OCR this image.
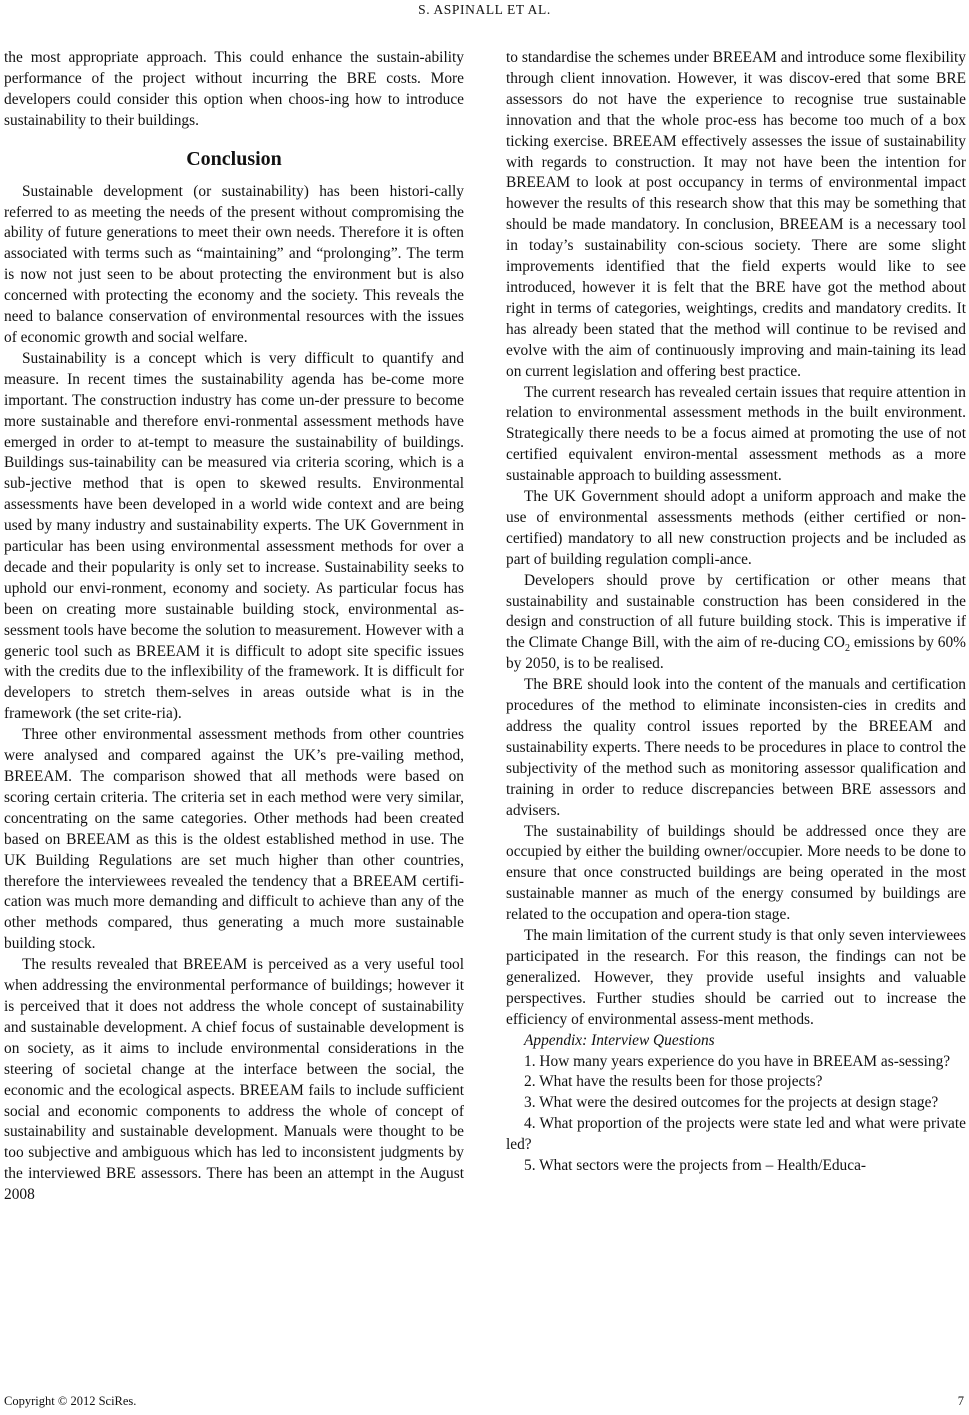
S. ASPINALL ET AL.

the most appropriate approach. This could enhance the sustain-ability performance of the project without incurring the BRE costs. More developers could consider this option when choos-ing how to introduce sustainability to their buildings.

Conclusion

Sustainable development (or sustainability) has been histori-cally referred to as meeting the needs of the present without compromising the ability of future generations to meet their own needs. Therefore it is often associated with terms such as “maintaining” and “prolonging”. The term is now not just seen to be about protecting the environment but is also concerned with protecting the economy and the society. This reveals the need to balance conservation of environmental resources with the issues of economic growth and social welfare.

Sustainability is a concept which is very difficult to quantify and measure. In recent times the sustainability agenda has be-come more important. The construction industry has come un-der pressure to become more sustainable and therefore envi-ronmental assessment methods have emerged in order to at-tempt to measure the sustainability of buildings. Buildings sus-tainability can be measured via criteria scoring, which is a sub-jective method that is open to skewed results. Environmental assessments have been developed in a world wide context and are being used by many industry and sustainability experts. The UK Government in particular has been using environmental assessment methods for over a decade and their popularity is only set to increase. Sustainability seeks to uphold our envi-ronment, economy and society. As particular focus has been on creating more sustainable building stock, environmental as-sessment tools have become the solution to measurement. However with a generic tool such as BREEAM it is difficult to adopt site specific issues with the credits due to the inflexibility of the framework. It is difficult for developers to stretch them-selves in areas outside what is in the framework (the set crite-ria).

Three other environmental assessment methods from other countries were analysed and compared against the UK’s pre-vailing method, BREEAM. The comparison showed that all methods were based on scoring certain criteria. The criteria set in each method were very similar, concentrating on the same categories. Other methods had been created based on BREEAM as this is the oldest established method in use. The UK Building Regulations are set much higher than other countries, therefore the interviewees revealed the tendency that a BREEAM certifi-cation was much more demanding and difficult to achieve than any of the other methods compared, thus generating a much more sustainable building stock.

The results revealed that BREEAM is perceived as a very useful tool when addressing the environmental performance of buildings; however it is perceived that it does not address the whole concept of sustainability and sustainable development. A chief focus of sustainable development is on society, as it aims to include environmental considerations in the steering of societal change at the interface between the social, the economic and the ecological aspects. BREEAM fails to include sufficient social and economic components to address the whole of concept of sustainability and sustainable development. Manuals were thought to be too subjective and ambiguous which has led to inconsistent judgments by the interviewed BRE assessors. There has been an attempt in the August 2008

to standardise the schemes under BREEAM and introduce some flexibility through client innovation. However, it was discov-ered that some BRE assessors do not have the experience to recognise true sustainable innovation and that the whole proc-ess has become too much of a box ticking exercise. BREEAM effectively assesses the issue of sustainability with regards to construction. It may not have been the intention for BREEAM to look at post occupancy in terms of environmental impact however the results of this research show that this may be something that should be made mandatory. In conclusion, BREEAM is a necessary tool in today’s sustainability con-scious society. There are some slight improvements identified that the field experts would like to see introduced, however it is felt that the BRE have got the method about right in terms of categories, weightings, credits and mandatory credits. It has already been stated that the method will continue to be revised and evolve with the aim of continuously improving and main-taining its lead on current legislation and offering best practice.

The current research has revealed certain issues that require attention in relation to environmental assessment methods in the built environment. Strategically there needs to be a focus aimed at promoting the use of not certified equivalent environ-mental assessment methods as a more sustainable approach to building assessment.

The UK Government should adopt a uniform approach and make the use of environmental assessments methods (either certified or non-certified) mandatory to all new construction projects and be included as part of building regulation compli-ance.

Developers should prove by certification or other means that sustainability and sustainable construction has been considered in the design and construction of all future building stock. This is imperative if the Climate Change Bill, with the aim of re-ducing $CO_2$ emissions by 60% by 2050, is to be realised.

The BRE should look into the content of the manuals and certification procedures of the method to eliminate inconsisten-cies in credits and address the quality control issues reported by the BREEAM and sustainability experts. There needs to be procedures in place to control the subjectivity of the method such as monitoring assessor qualification and training in order to reduce discrepancies between BRE assessors and advisers.

The sustainability of buildings should be addressed once they are occupied by either the building owner/occupier. More needs to be done to ensure that once constructed buildings are being operated in the most sustainable manner as much of the energy consumed by buildings are related to the occupation and opera-tion stage.

The main limitation of the current study is that only seven interviewees participated in the research. For this reason, the findings can not be generalized. However, they provide useful insights and valuable perspectives. Further studies should be carried out to increase the efficiency of environmental assess-ment methods.

Appendix: Interview Questions

1. How many years experience do you have in BREEAM as-sessing?

2. What have the results been for those projects?

3. What were the desired outcomes for the projects at design stage?

4. What proportion of the projects were state led and what were private led?

5. What sectors were the projects from – Health/Educa-

Copyright © 2012 SciRes.	7
